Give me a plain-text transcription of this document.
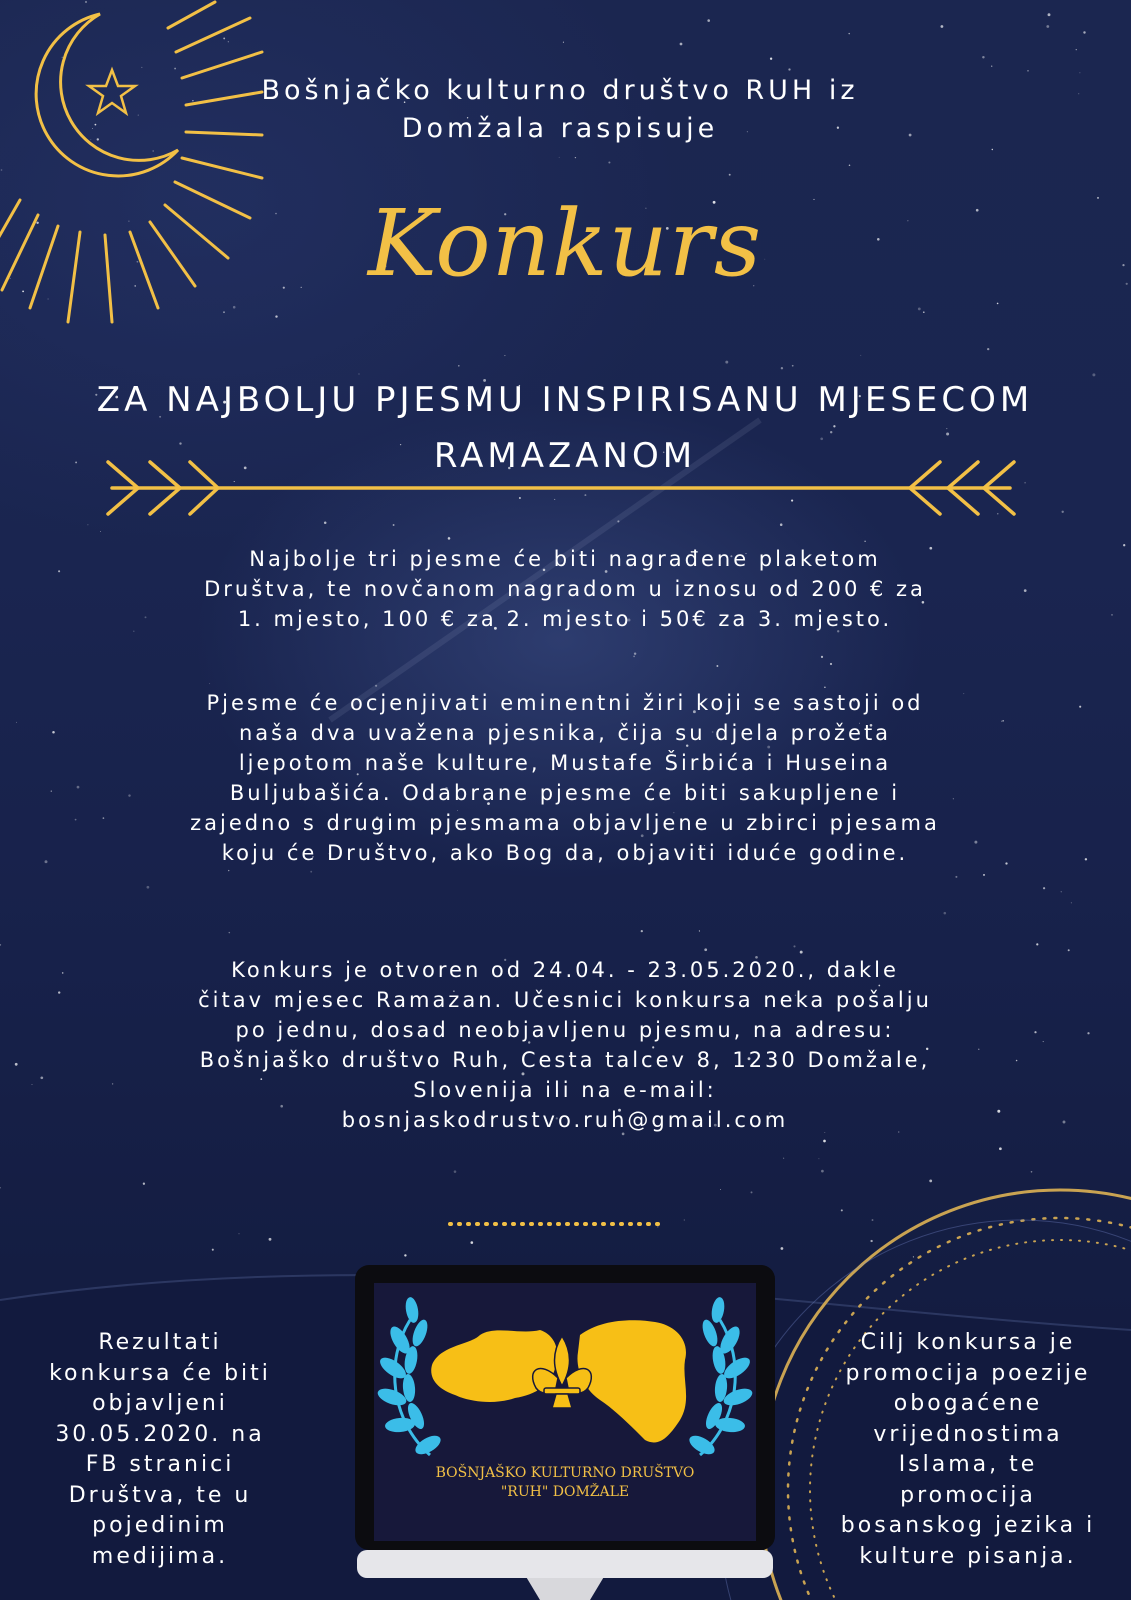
BOŠNJAŠKO KULTURNO DRUŠTVO
"RUH" DOMŽALE
Bošnjačko kulturno društvo RUH iz
Domžala raspisuje
Konkurs
ZA NAJBOLJU PJESMU INSPIRISANU MJESECOM
RAMAZANOM
Najbolje tri pjesme će biti nagrađene plaketom
Društva, te novčanom nagradom u iznosu od 200 € za
1. mjesto, 100 € za 2. mjesto i 50€ za 3. mjesto.
Pjesme će ocjenjivati eminentni žiri koji se sastoji od
naša dva uvažena pjesnika, čija su djela prožeta
ljepotom naše kulture, Mustafe Širbića i Huseina
Buljubašića. Odabrane pjesme će biti sakupljene i
zajedno s drugim pjesmama objavljene u zbirci pjesama
koju će Društvo, ako Bog da, objaviti iduće godine.
Konkurs je otvoren od 24.04. - 23.05.2020., dakle
čitav mjesec Ramazan. Učesnici konkursa neka pošalju
po jednu, dosad neobjavljenu pjesmu, na adresu:
Bošnjaško društvo Ruh, Cesta talcev 8, 1230 Domžale,
Slovenija ili na e-mail:
bosnjaskodrustvo.ruh@gmail.com
Rezultati
konkursa će biti
objavljeni
30.05.2020. na
FB stranici
Društva, te u
pojedinim
medijima.
Cilj konkursa je
promocija poezije
obogaćene
vrijednostima
Islama, te
promocija
bosanskog jezika i
kulture pisanja.
